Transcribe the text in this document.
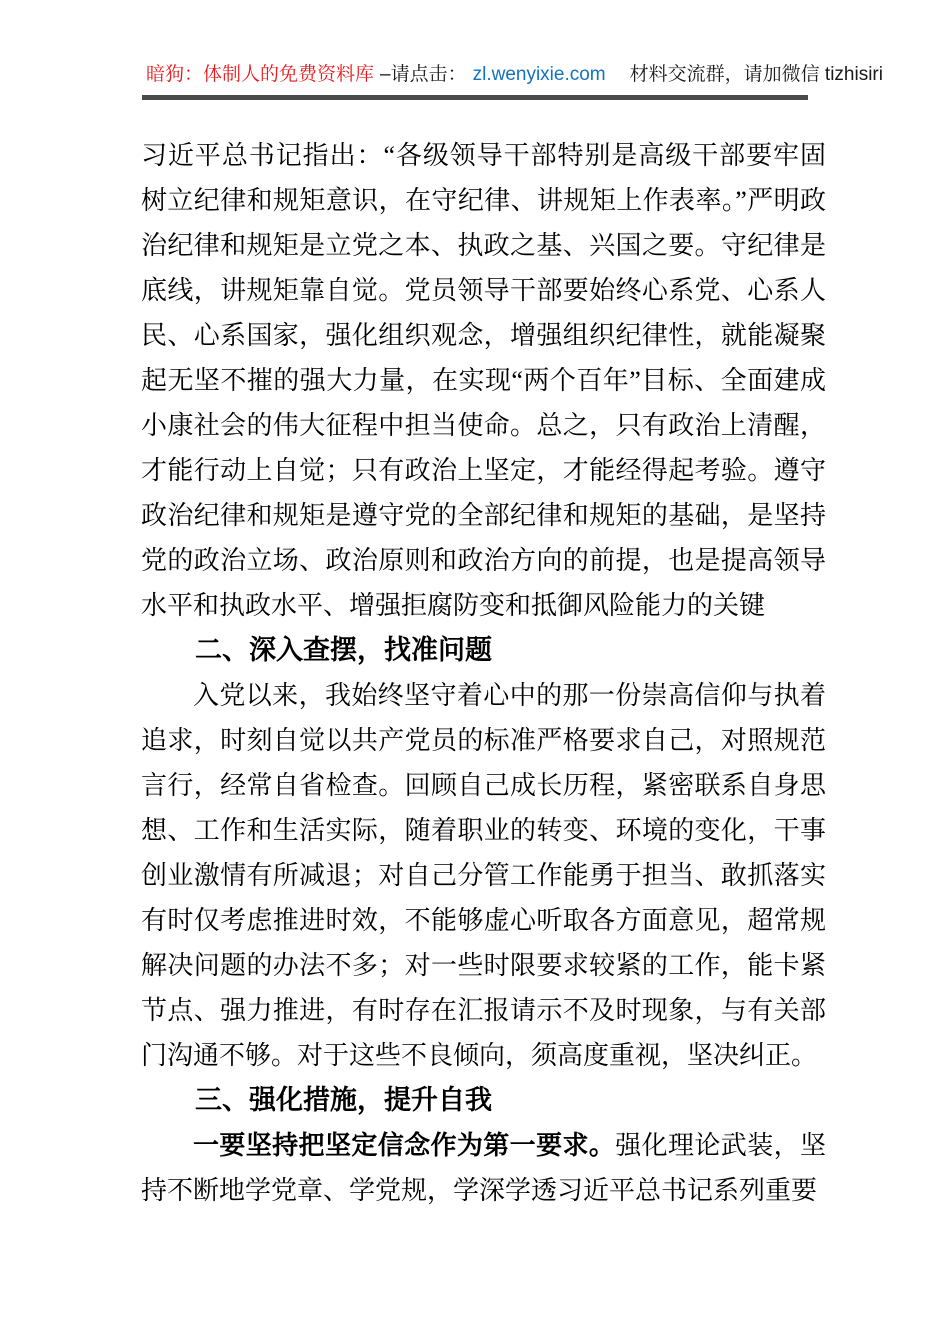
暗狗：体制人的免费资料库 –请点击： zl.wenyixie.com 材料交流群，请加微信 tizhisiri

习近平总书记指出：“各级领导干部特别是高级干部要牢固树立纪律和规矩意识，在守纪律、讲规矩上作表率。”严明政治纪律和规矩是立党之本、执政之基、兴国之要。守纪律是底线，讲规矩靠自觉。党员领导干部要始终心系党、心系人民、心系国家，强化组织观念，增强组织纪律性，就能凝聚起无坚不摧的强大力量，在实现“两个百年”目标、全面建成小康社会的伟大征程中担当使命。总之，只有政治上清醒，才能行动上自觉；只有政治上坚定，才能经得起考验。遵守政治纪律和规矩是遵守党的全部纪律和规矩的基础，是坚持党的政治立场、政治原则和政治方向的前提，也是提高领导水平和执政水平、增强拒腐防变和抵御风险能力的关键

二、深入查摆，找准问题

入党以来，我始终坚守着心中的那一份崇高信仰与执着追求，时刻自觉以共产党员的标准严格要求自己，对照规范言行，经常自省检查。回顾自己成长历程，紧密联系自身思想、工作和生活实际，随着职业的转变、环境的变化，干事创业激情有所减退；对自己分管工作能勇于担当、敢抓落实有时仅考虑推进时效，不能够虚心听取各方面意见，超常规解决问题的办法不多；对一些时限要求较紧的工作，能卡紧节点、强力推进，有时存在汇报请示不及时现象，与有关部门沟通不够。对于这些不良倾向，须高度重视，坚决纠正。

三、强化措施，提升自我

一要坚持把坚定信念作为第一要求。强化理论武装，坚持不断地学党章、学党规，学深学透习近平总书记系列重要
